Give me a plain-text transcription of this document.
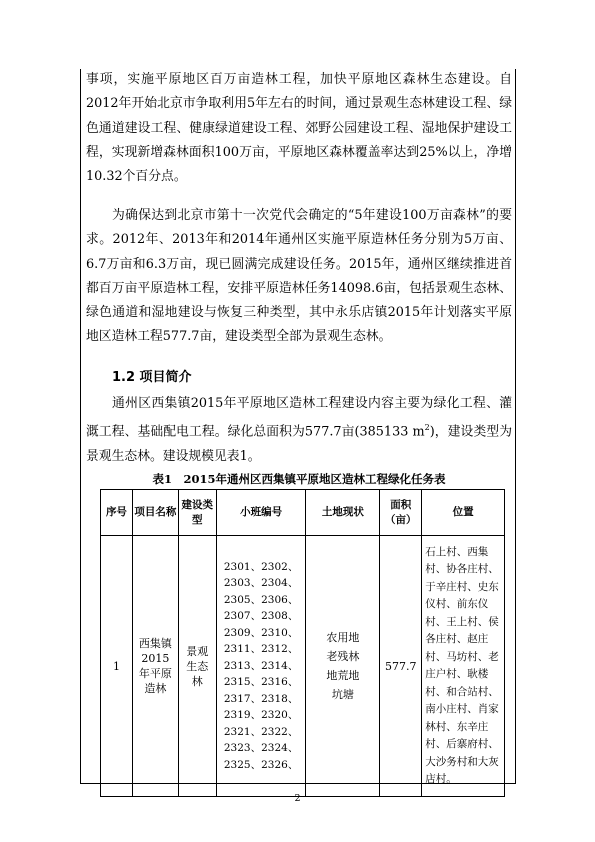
事项，实施平原地区百万亩造林工程，加快平原地区森林生态建设。自2012年开始北京市争取利用5年左右的时间，通过景观生态林建设工程、绿色通道建设工程、健康绿道建设工程、郊野公园建设工程、湿地保护建设工程，实现新增森林面积100万亩，平原地区森林覆盖率达到25%以上，净增10.32个百分点。

为确保达到北京市第十一次党代会确定的“5年建设100万亩森林”的要求。2012年、2013年和2014年通州区实施平原造林任务分别为5万亩、6.7万亩和6.3万亩，现已圆满完成建设任务。2015年，通州区继续推进首都百万亩平原造林工程，安排平原造林任务14098.6亩，包括景观生态林、绿色通道和湿地建设与恢复三种类型，其中永乐店镇2015年计划落实平原地区造林工程577.7亩，建设类型全部为景观生态林。

1.2 项目简介

通州区西集镇2015年平原地区造林工程建设内容主要为绿化工程、灌溉工程、基础配电工程。绿化总面积为577.7亩(385133 $m^2$)，建设类型为景观生态林。建设规模见表1。

表1　2015年通州区西集镇平原地区造林工程绿化任务表

序号	项目名称	建设类型	小班编号	土地现状	面积（亩）	位置
1	西集镇2015年平原造林	景观生态林	2301、2302、2303、2304、2305、2306、2307、2308、2309、2310、2311、2312、2313、2314、2315、2316、2317、2318、2319、2320、2321、2322、2323、2324、2325、2326、	农用地老残林地荒地坑塘	577.7	石上村、西集村、协各庄村、于辛庄村、史东仪村、前东仪村、王上村、侯各庄村、赵庄村、马坊村、老庄户村、耿楼村、和合站村、南小庄村、肖家林村、东辛庄村、后寨府村、大沙务村和大灰店村。
2
